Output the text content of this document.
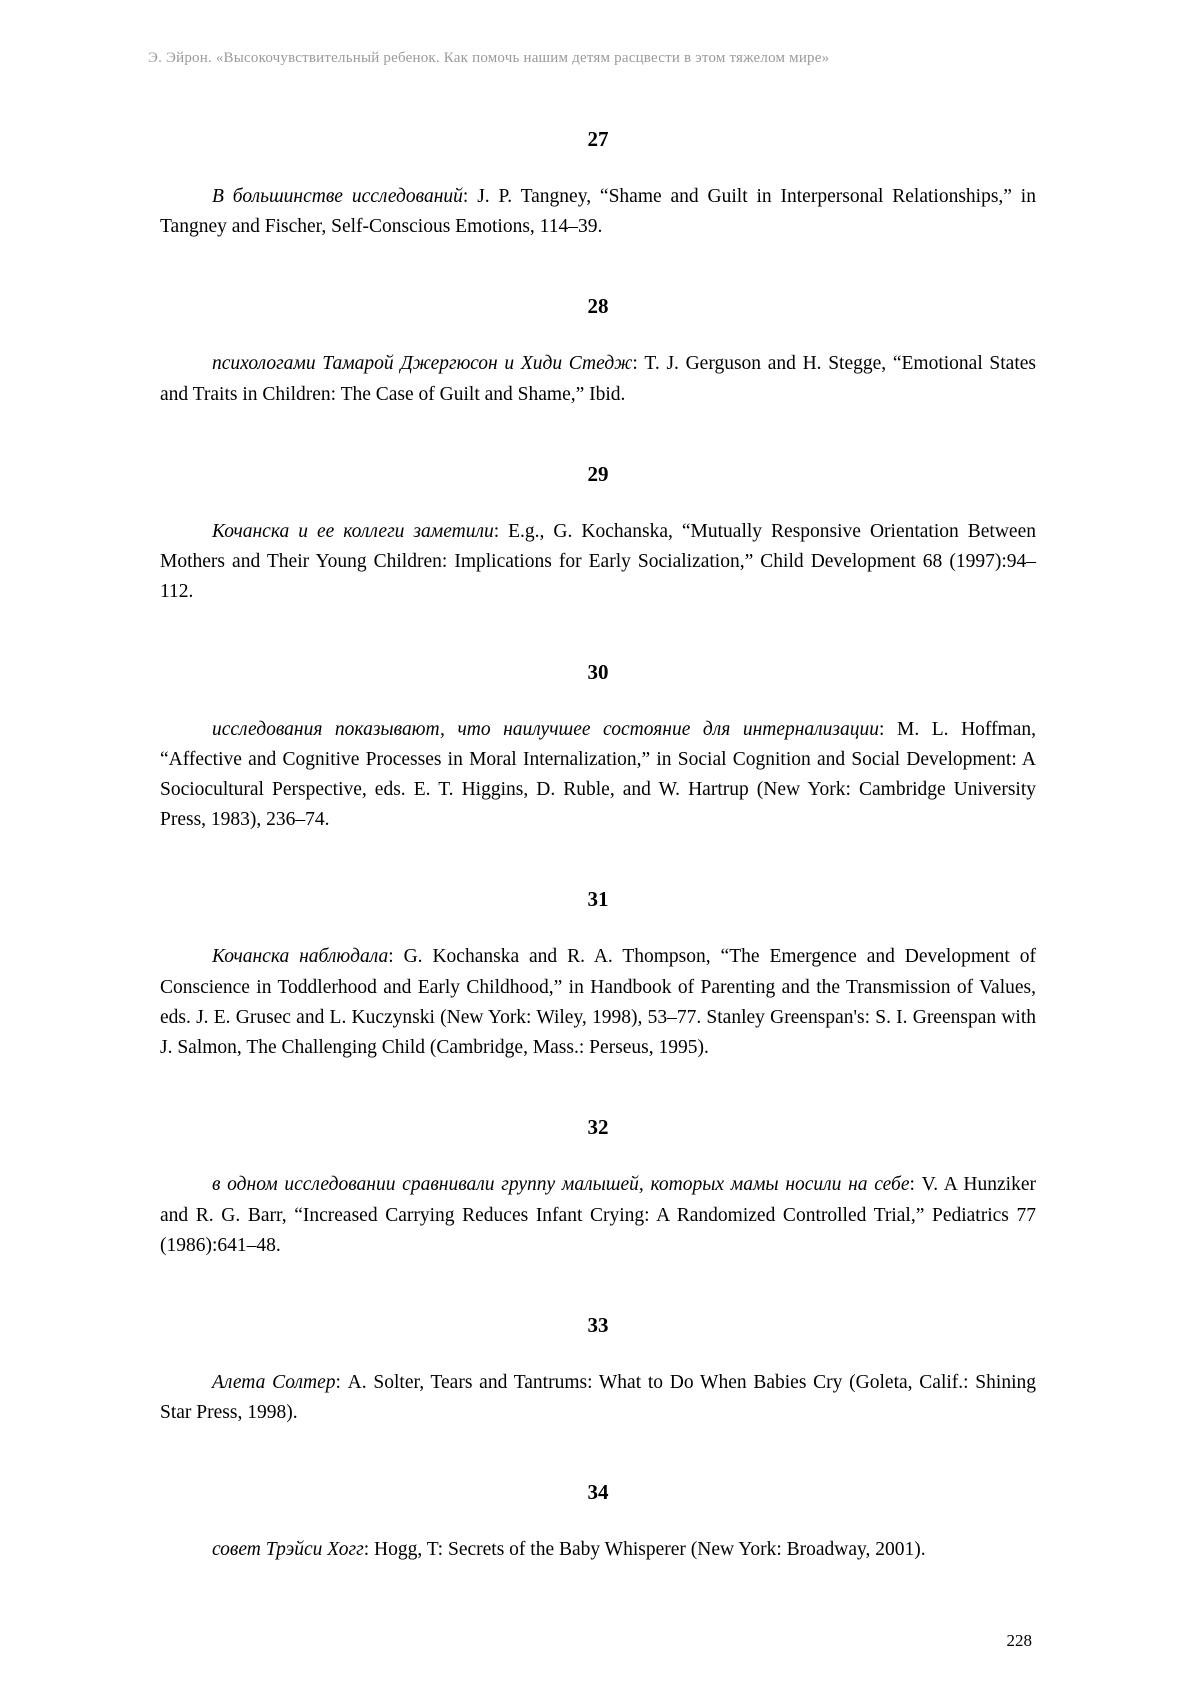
Э. Эйрон. «Высокочувствительный ребенок. Как помочь нашим детям расцвести в этом тяжелом мире»
27

В большинстве исследований: J. P. Tangney, “Shame and Guilt in Interpersonal Relationships,” in Tangney and Fischer, Self-Conscious Emotions, 114–39.

28

психологами Тамарой Джергюсон и Хиди Стедж: T. J. Gerguson and H. Stegge, “Emotional States and Traits in Children: The Case of Guilt and Shame,” Ibid.

29

Кочанска и ее коллеги заметили: E.g., G. Kochanska, “Mutually Responsive Orientation Between Mothers and Their Young Children: Implications for Early Socialization,” Child Development 68 (1997):94–112.

30

исследования показывают, что наилучшее состояние для интернализации: M. L. Hoffman, “Affective and Cognitive Processes in Moral Internalization,” in Social Cognition and Social Development: A Sociocultural Perspective, eds. E. T. Higgins, D. Ruble, and W. Hartrup (New York: Cambridge University Press, 1983), 236–74.

31

Кочанска наблюдала: G. Kochanska and R. A. Thompson, “The Emergence and Development of Conscience in Toddlerhood and Early Childhood,” in Handbook of Parenting and the Transmission of Values, eds. J. E. Grusec and L. Kuczynski (New York: Wiley, 1998), 53–77. Stanley Greenspan's: S. I. Greenspan with J. Salmon, The Challenging Child (Cambridge, Mass.: Perseus, 1995).

32

в одном исследовании сравнивали группу малышей, которых мамы носили на себе: V. A Hunziker and R. G. Barr, “Increased Carrying Reduces Infant Crying: A Randomized Controlled Trial,” Pediatrics 77 (1986):641–48.

33

Алета Солтер: A. Solter, Tears and Tantrums: What to Do When Babies Cry (Goleta, Calif.: Shining Star Press, 1998).

34

совет Трэйси Хогг: Hogg, T: Secrets of the Baby Whisperer (New York: Broadway, 2001).

228
